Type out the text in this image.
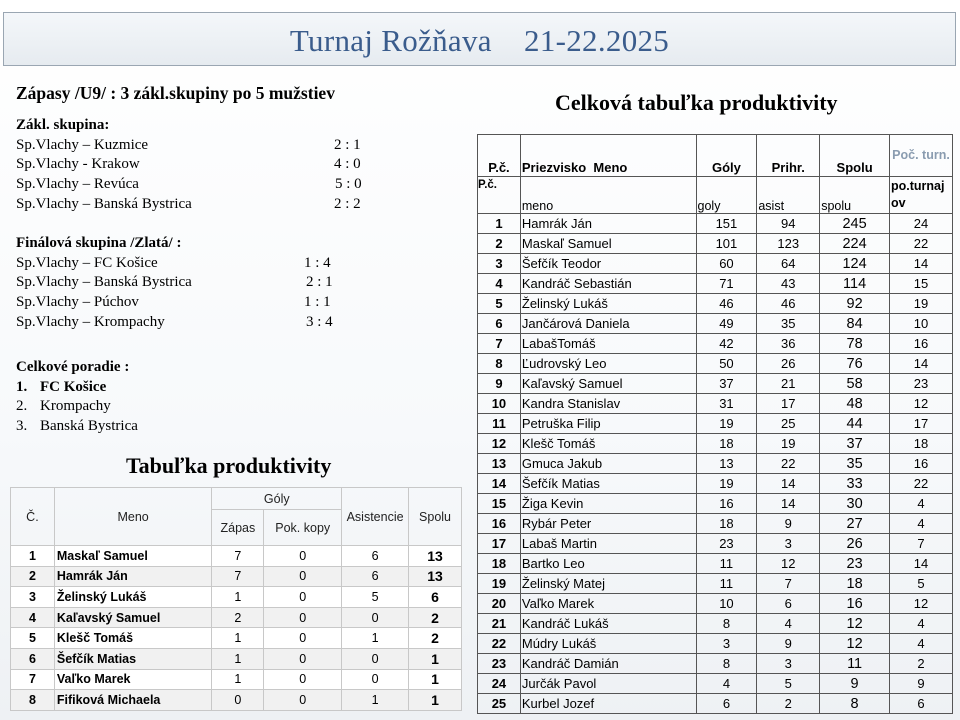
Turnaj Rožňava    21-22.2025
Zápasy /U9/ : 3 zákl.skupiny po 5 mužstiev
Zákl. skupina:
Sp.Vlachy – Kuzmice	2 : 1
Sp.Vlachy - Krakow	4 : 0
Sp.Vlachy – Revúca	5 : 0
Sp.Vlachy – Banská Bystrica	2 : 2
Finálová skupina /Zlatá/ :
Sp.Vlachy – FC Košice	1 : 4
Sp.Vlachy – Banská Bystrica	2 : 1
Sp.Vlachy – Púchov	1 : 1
Sp.Vlachy – Krompachy	3 : 4
Celkové poradie :
1. FC Košice
2. Krompachy
3. Banská Bystrica
Tabuľka produktivity
Č.	Meno	Góly		Asistencie	Spolu
		Zápas	Pok. kopy		
1	Maskaľ Samuel	7	0	6	13
2	Hamrák Ján	7	0	6	13
3	Želinský Lukáš	1	0	5	6
4	Kaľavský Samuel	2	0	0	2
5	Klešč Tomáš	1	0	1	2
6	Šefčík Matias	1	0	0	1
7	Vaľko Marek	1	0	0	1
8	Fifiková Michaela	0	0	1	1
Celková tabuľka produktivity
P.č.	Priezvisko  Meno	Góly	Prihr.	Spolu	Poč. turn.
P.č.	meno	goly	asist	spolu	po.turnaj ov
1	Hamrák Ján	151	94	245	24
2	Maskaľ Samuel	101	123	224	22
3	Šefčík Teodor	60	64	124	14
4	Kandráč Sebastián	71	43	114	15
5	Želinský Lukáš	46	46	92	19
6	Jančárová Daniela	49	35	84	10
7	LabašTomáš	42	36	78	16
8	Ľudrovský Leo	50	26	76	14
9	Kaľavský Samuel	37	21	58	23
10	Kandra Stanislav	31	17	48	12
11	Petruška Filip	19	25	44	17
12	Klešč Tomáš	18	19	37	18
13	Gmuca Jakub	13	22	35	16
14	Šefčík Matias	19	14	33	22
15	Žiga Kevin	16	14	30	4
16	Rybár Peter	18	9	27	4
17	Labaš Martin	23	3	26	7
18	Bartko Leo	11	12	23	14
19	Želinský Matej	11	7	18	5
20	Vaľko Marek	10	6	16	12
21	Kandráč Lukáš	8	4	12	4
22	Múdry Lukáš	3	9	12	4
23	Kandráč Damián	8	3	11	2
24	Jurčák Pavol	4	5	9	9
25	Kurbel Jozef	6	2	8	6
